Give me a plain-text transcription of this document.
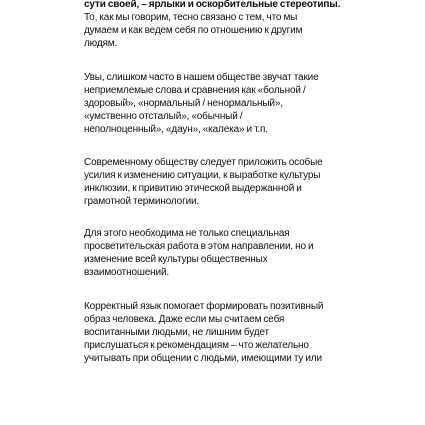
сути своей, – ярлыки и оскорбительные стереотипы.
То, как мы говорим, тесно связано с тем, что мы
думаем и как ведем себя по отношению к другим
людям.
Увы, слишком часто в нашем обществе звучат такие
неприемлемые слова и сравнения как «больной /
здоровый», «нормальный / ненормальный»,
«умственно отсталый», «обычный /
неполноценный», «даун», «калека» и т.п.
Современному обществу следует приложить особые
усилия к изменению ситуации, к выработке культуры
инклюзии, к привитию этической выдержанной и
грамотной терминологии.
Для этого необходима не только специальная
просветительская работа в этом направлении, но и
изменение всей культуры общественных
взаимоотношений.
Корректный язык помогает формировать позитивный
образ человека. Даже если мы считаем себя
воспитанными людьми, не лишним будет
прислушаться к рекомендациям – что желательно
учитывать при общении с людьми, имеющими ту или
